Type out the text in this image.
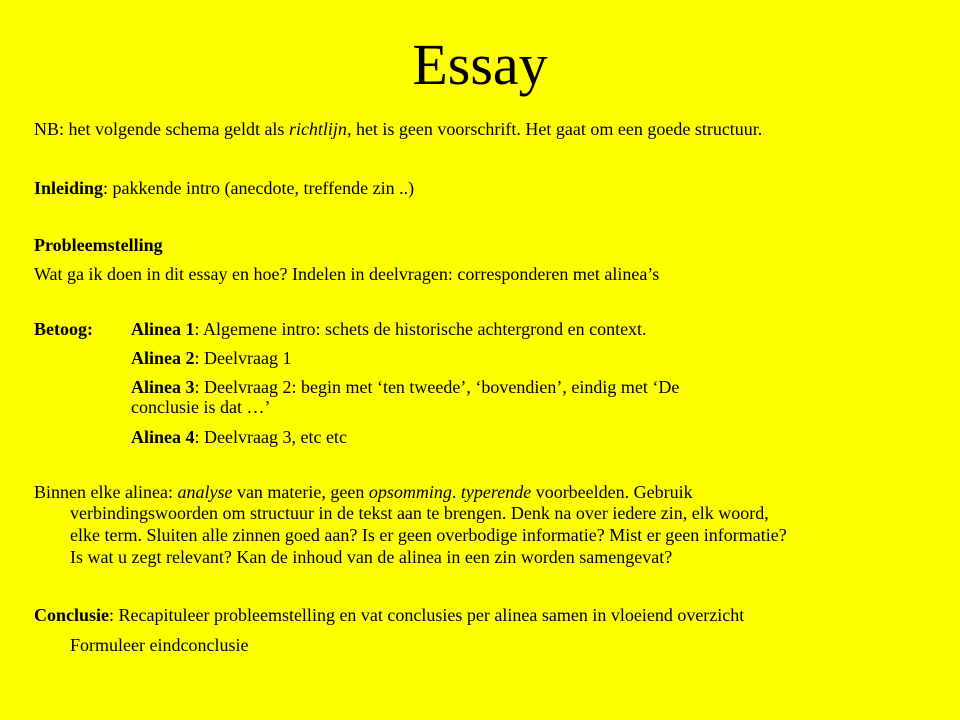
Essay
NB: het volgende schema geldt als richtlijn, het is geen voorschrift. Het gaat om een goede structuur.
Inleiding: pakkende intro (anecdote, treffende zin ..)
Probleemstelling
Wat ga ik doen in dit essay en hoe? Indelen in deelvragen: corresponderen met alinea’s
Betoog: Alinea 1: Algemene intro: schets de historische achtergrond en context.
Alinea 2: Deelvraag 1
Alinea 3: Deelvraag 2: begin met ‘ten tweede’, ‘bovendien’, eindig met ‘De
conclusie is dat …’
Alinea 4: Deelvraag 3, etc etc
Binnen elke alinea: analyse van materie, geen opsomming. typerende voorbeelden. Gebruik
verbindingswoorden om structuur in de tekst aan te brengen. Denk na over iedere zin, elk woord,
elke term. Sluiten alle zinnen goed aan? Is er geen overbodige informatie? Mist er geen informatie?
Is wat u zegt relevant? Kan de inhoud van de alinea in een zin worden samengevat?
Conclusie: Recapituleer probleemstelling en vat conclusies per alinea samen in vloeiend overzicht
Formuleer eindconclusie
